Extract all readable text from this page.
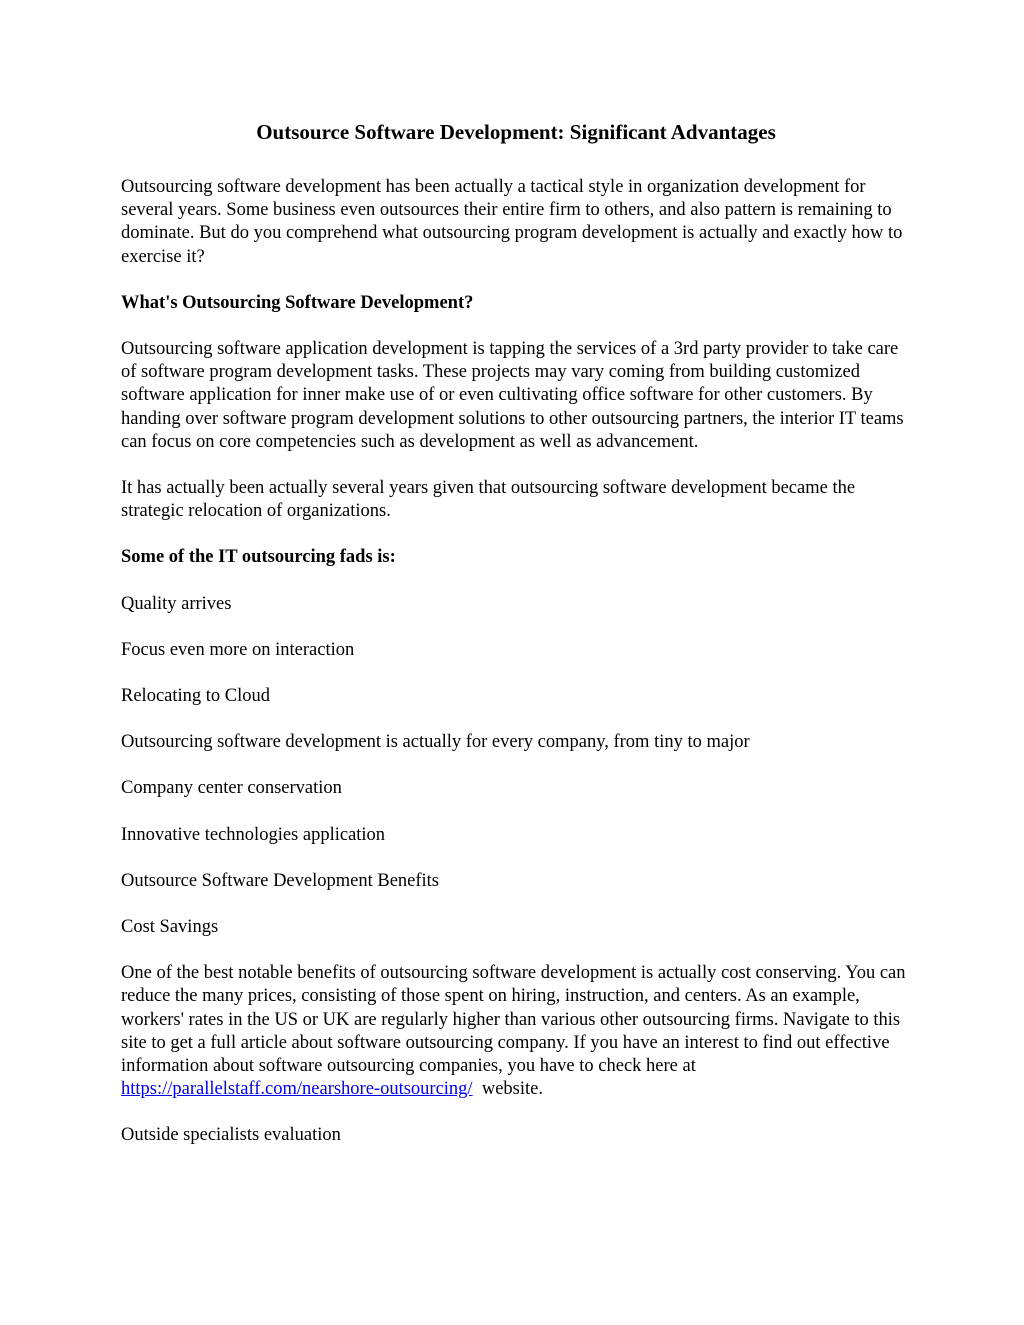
Outsource Software Development: Significant Advantages

Outsourcing software development has been actually a tactical style in organization development for several years. Some business even outsources their entire firm to others, and also pattern is remaining to dominate. But do you comprehend what outsourcing program development is actually and exactly how to exercise it?

What's Outsourcing Software Development?

Outsourcing software application development is tapping the services of a 3rd party provider to take care of software program development tasks. These projects may vary coming from building customized software application for inner make use of or even cultivating office software for other customers. By handing over software program development solutions to other outsourcing partners, the interior IT teams can focus on core competencies such as development as well as advancement.

It has actually been actually several years given that outsourcing software development became the strategic relocation of organizations.

Some of the IT outsourcing fads is:

Quality arrives

Focus even more on interaction

Relocating to Cloud

Outsourcing software development is actually for every company, from tiny to major

Company center conservation

Innovative technologies application

Outsource Software Development Benefits

Cost Savings

One of the best notable benefits of outsourcing software development is actually cost conserving. You can reduce the many prices, consisting of those spent on hiring, instruction, and centers. As an example, workers' rates in the US or UK are regularly higher than various other outsourcing firms. Navigate to this site to get a full article about software outsourcing company. If you have an interest to find out effective information about software outsourcing companies, you have to check here at https://parallelstaff.com/nearshore-outsourcing/  website.

Outside specialists evaluation
